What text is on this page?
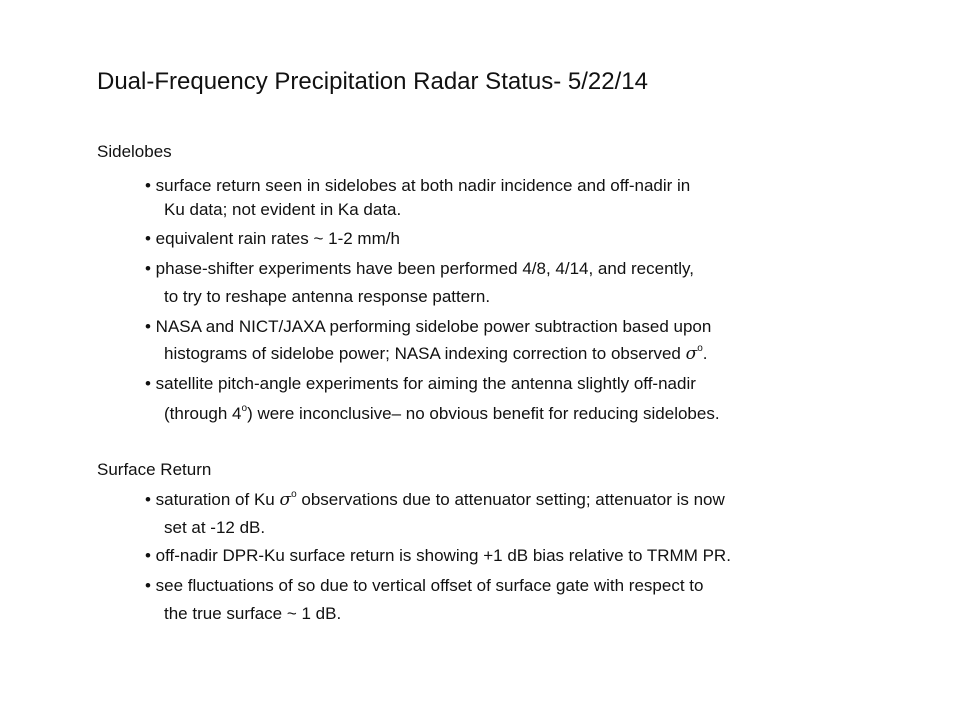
Dual-Frequency Precipitation Radar Status- 5/22/14
Sidelobes
• surface return seen in sidelobes at both nadir incidence and off-nadir in
Ku data; not evident in Ka data.
• equivalent rain rates ~ 1-2 mm/h
• phase-shifter experiments have been performed 4/8, 4/14, and recently,
to try to reshape antenna response pattern.
• NASA and NICT/JAXA performing sidelobe power subtraction based upon
histograms of sidelobe power; NASA indexing correction to observed $\sigma^o$.
• satellite pitch-angle experiments for aiming the antenna slightly off-nadir
(through 4$^o$) were inconclusive– no obvious benefit for reducing sidelobes.
Surface Return
• saturation of Ku $\sigma^o$ observations due to attenuator setting; attenuator is now
set at -12 dB.
• off-nadir DPR-Ku surface return is showing +1 dB bias relative to TRMM PR.
• see fluctuations of so due to vertical offset of surface gate with respect to
the true surface ~ 1 dB.
